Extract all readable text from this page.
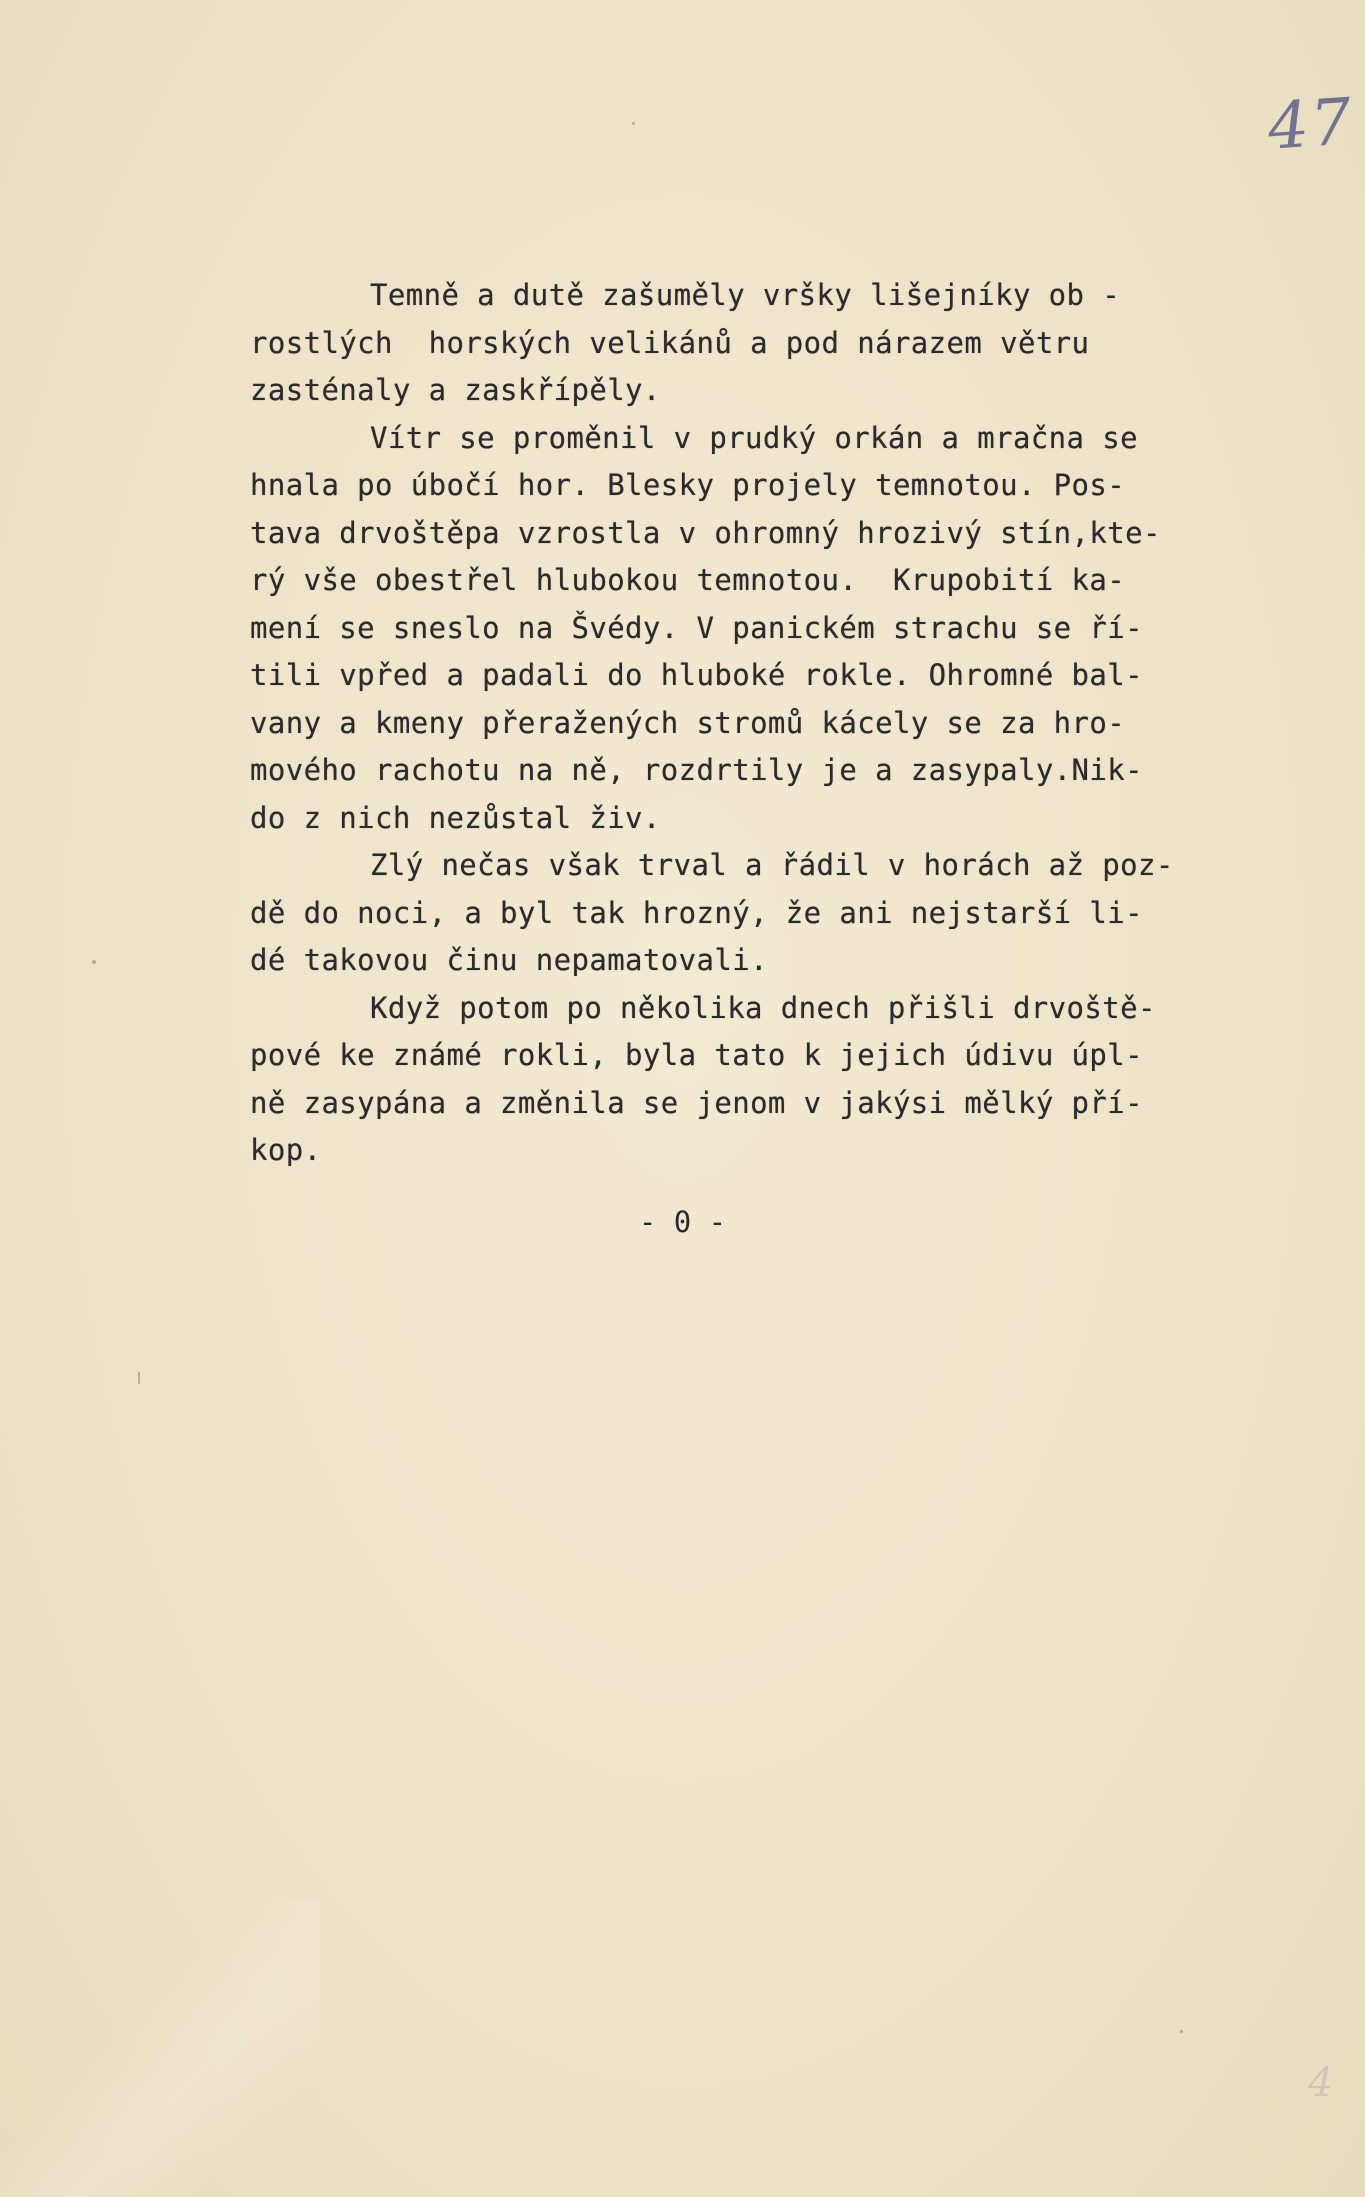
47
4
Temně a dutě zašuměly vršky lišejníky ob -
rostlých  horských velikánů a pod nárazem větru
zasténaly a zaskřípěly.
Vítr se proměnil v prudký orkán a mračna se
hnala po úbočí hor. Blesky projely temnotou. Pos-
tava drvoštěpa vzrostla v ohromný hrozivý stín,kte-
rý vše obestřel hlubokou temnotou.  Krupobití ka-
mení se sneslo na Švédy. V panickém strachu se ří-
tili vpřed a padali do hluboké rokle. Ohromné bal-
vany a kmeny přeražených stromů kácely se za hro-
mového rachotu na ně, rozdrtily je a zasypaly.Nik-
do z nich nezůstal živ.
Zlý nečas však trval a řádil v horách až poz-
dě do noci, a byl tak hrozný, že ani nejstarší li-
dé takovou činu nepamatovali.
Když potom po několika dnech přišli drvoště-
pové ke známé rokli, byla tato k jejich údivu úpl-
ně zasypána a změnila se jenom v jakýsi mělký pří-
kop.
- 0 -
